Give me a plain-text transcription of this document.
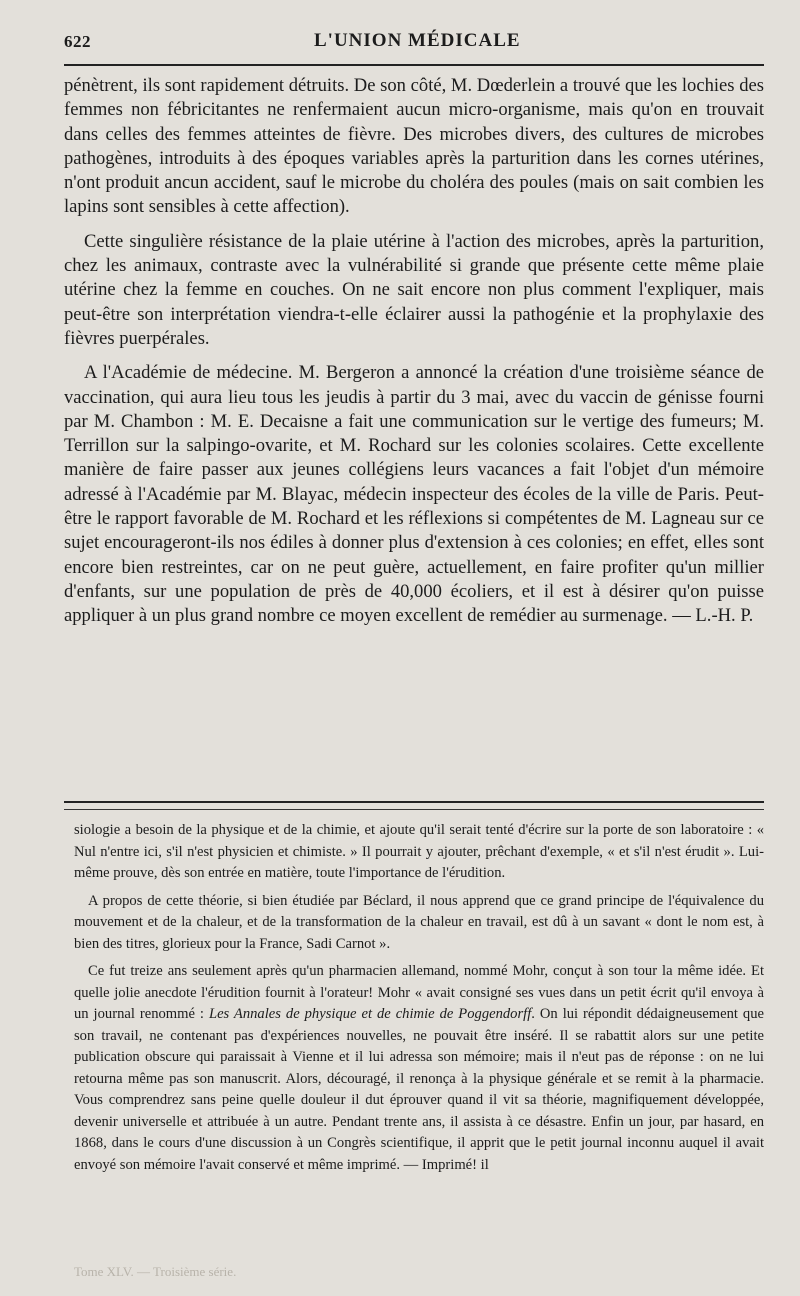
622	L'UNION MÉDICALE

pénètrent, ils sont rapidement détruits. De son côté, M. Dœderlein a trouvé que les lochies des femmes non fébricitantes ne renfermaient aucun micro-organisme, mais qu'on en trouvait dans celles des femmes atteintes de fièvre. Des microbes divers, des cultures de microbes pathogènes, introduits à des époques variables après la parturition dans les cornes utérines, n'ont produit ancun accident, sauf le microbe du choléra des poules (mais on sait combien les lapins sont sensibles à cette affection).

Cette singulière résistance de la plaie utérine à l'action des microbes, après la parturition, chez les animaux, contraste avec la vulnérabilité si grande que présente cette même plaie utérine chez la femme en couches. On ne sait encore non plus comment l'expliquer, mais peut-être son interprétation viendra-t-elle éclairer aussi la pathogénie et la prophylaxie des fièvres puerpérales.

A l'Académie de médecine. M. Bergeron a annoncé la création d'une troisième séance de vaccination, qui aura lieu tous les jeudis à partir du 3 mai, avec du vaccin de génisse fourni par M. Chambon : M. E. Decaisne a fait une communication sur le vertige des fumeurs; M. Terrillon sur la salpingo-ovarite, et M. Rochard sur les colonies scolaires. Cette excellente manière de faire passer aux jeunes collégiens leurs vacances a fait l'objet d'un mémoire adressé à l'Académie par M. Blayac, médecin inspecteur des écoles de la ville de Paris. Peut-être le rapport favorable de M. Rochard et les réflexions si compétentes de M. Lagneau sur ce sujet encourageront-ils nos édiles à donner plus d'extension à ces colonies; en effet, elles sont encore bien restreintes, car on ne peut guère, actuellement, en faire profiter qu'un millier d'enfants, sur une population de près de 40,000 écoliers, et il est à désirer qu'on puisse appliquer à un plus grand nombre ce moyen excellent de remédier au surmenage. — L.-H. P.

siologie a besoin de la physique et de la chimie, et ajoute qu'il serait tenté d'écrire sur la porte de son laboratoire : « Nul n'entre ici, s'il n'est physicien et chimiste. » Il pourrait y ajouter, prêchant d'exemple, « et s'il n'est érudit ». Lui-même prouve, dès son entrée en matière, toute l'importance de l'érudition.

A propos de cette théorie, si bien étudiée par Béclard, il nous apprend que ce grand principe de l'équivalence du mouvement et de la chaleur, et de la transformation de la chaleur en travail, est dû à un savant « dont le nom est, à bien des titres, glorieux pour la France, Sadi Carnot ».

Ce fut treize ans seulement après qu'un pharmacien allemand, nommé Mohr, conçut à son tour la même idée. Et quelle jolie anecdote l'érudition fournit à l'orateur! Mohr « avait consigné ses vues dans un petit écrit qu'il envoya à un journal renommé : Les Annales de physique et de chimie de Poggendorff. On lui répondit dédaigneusement que son travail, ne contenant pas d'expériences nouvelles, ne pouvait être inséré. Il se rabattit alors sur une petite publication obscure qui paraissait à Vienne et il lui adressa son mémoire; mais il n'eut pas de réponse : on ne lui retourna même pas son manuscrit. Alors, découragé, il renonça à la physique générale et se remit à la pharmacie. Vous comprendrez sans peine quelle douleur il dut éprouver quand il vit sa théorie, magnifiquement développée, devenir universelle et attribuée à un autre. Pendant trente ans, il assista à ce désastre. Enfin un jour, par hasard, en 1868, dans le cours d'une discussion à un Congrès scientifique, il apprit que le petit journal inconnu auquel il avait envoyé son mémoire l'avait conservé et même imprimé. — Imprimé! il

Tome XLV. — Troisième série.
